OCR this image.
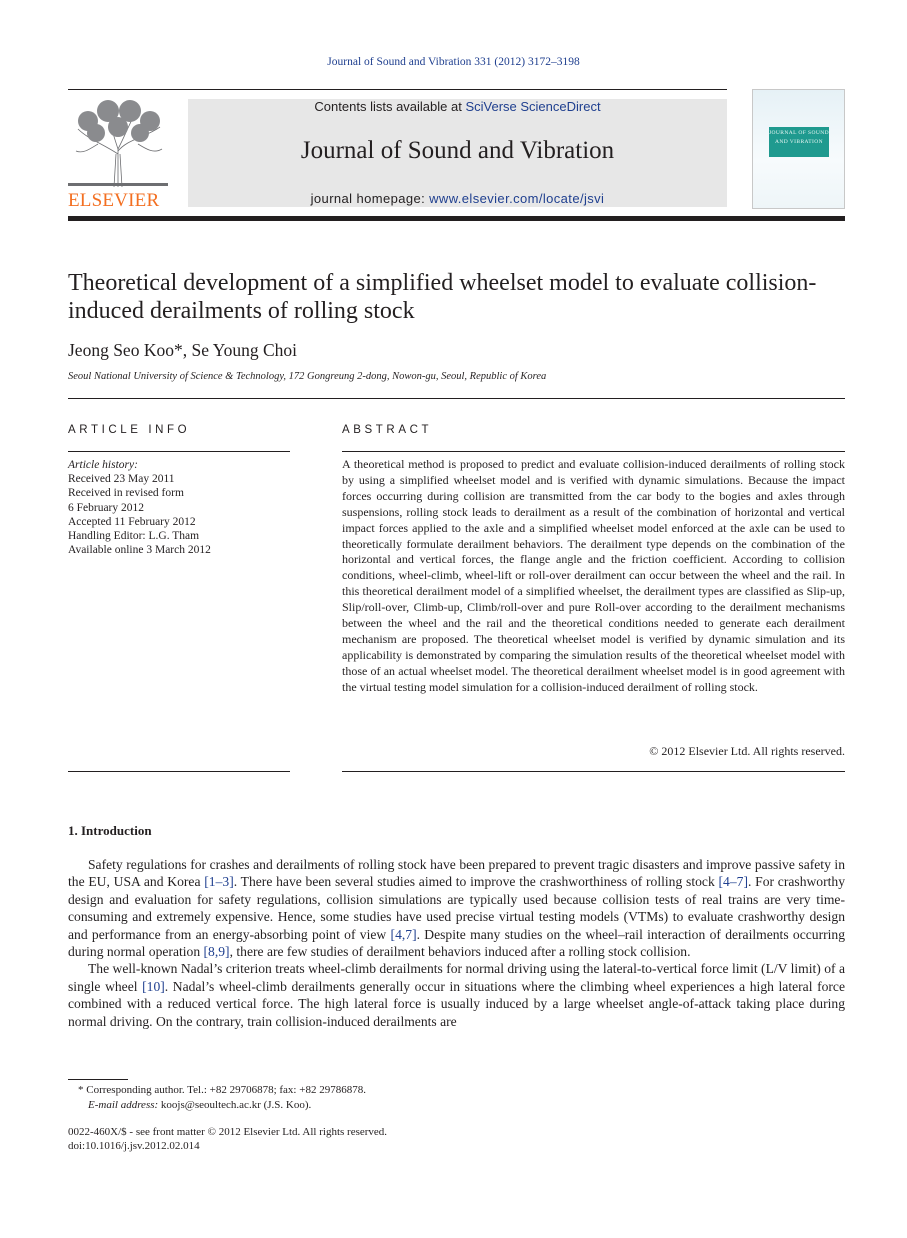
Journal of Sound and Vibration 331 (2012) 3172–3198
ELSEVIER
Contents lists available at SciVerse ScienceDirect
Journal of Sound and Vibration
journal homepage: www.elsevier.com/locate/jsvi
JOURNAL OF SOUND AND VIBRATION
Theoretical development of a simplified wheelset model to evaluate collision-induced derailments of rolling stock
Jeong Seo Koo*, Se Young Choi
Seoul National University of Science & Technology, 172 Gongreung 2-dong, Nowon-gu, Seoul, Republic of Korea
ARTICLE INFO	ABSTRACT
Article history:
Received 23 May 2011
Received in revised form
6 February 2012
Accepted 11 February 2012
Handling Editor: L.G. Tham
Available online 3 March 2012
A theoretical method is proposed to predict and evaluate collision-induced derailments of rolling stock by using a simplified wheelset model and is verified with dynamic simulations. Because the impact forces occurring during collision are transmitted from the car body to the bogies and axles through suspensions, rolling stock leads to derailment as a result of the combination of horizontal and vertical impact forces applied to the axle and a simplified wheelset model enforced at the axle can be used to theoretically formulate derailment behaviors. The derailment type depends on the combination of the horizontal and vertical forces, the flange angle and the friction coefficient. According to collision conditions, wheel-climb, wheel-lift or roll-over derailment can occur between the wheel and the rail. In this theoretical derailment model of a simplified wheelset, the derailment types are classified as Slip-up, Slip/roll-over, Climb-up, Climb/roll-over and pure Roll-over according to the derailment mechanisms between the wheel and the rail and the theoretical conditions needed to generate each derailment mechanism are proposed. The theoretical wheelset model is verified by dynamic simulation and its applicability is demonstrated by comparing the simulation results of the theoretical wheelset model with those of an actual wheelset model. The theoretical derailment wheelset model is in good agreement with the virtual testing model simulation for a collision-induced derailment of rolling stock.
© 2012 Elsevier Ltd. All rights reserved.
1. Introduction

Safety regulations for crashes and derailments of rolling stock have been prepared to prevent tragic disasters and improve passive safety in the EU, USA and Korea [1–3]. There have been several studies aimed to improve the crashworthiness of rolling stock [4–7]. For crashworthy design and evaluation for safety regulations, collision simulations are typically used because collision tests of real trains are very time-consuming and extremely expensive. Hence, some studies have used precise virtual testing models (VTMs) to evaluate crashworthy design and performance from an energy-absorbing point of view [4,7]. Despite many studies on the wheel–rail interaction of derailments occurring during normal operation [8,9], there are few studies of derailment behaviors induced after a rolling stock collision.

The well-known Nadal’s criterion treats wheel-climb derailments for normal driving using the lateral-to-vertical force limit (L/V limit) of a single wheel [10]. Nadal’s wheel-climb derailments generally occur in situations where the climbing wheel experiences a high lateral force combined with a reduced vertical force. The high lateral force is usually induced by a large wheelset angle-of-attack taking place during normal driving. On the contrary, train collision-induced derailments are

* Corresponding author. Tel.: +82 29706878; fax: +82 29786878.
E-mail address: koojs@seoultech.ac.kr (J.S. Koo).
0022-460X/$ - see front matter © 2012 Elsevier Ltd. All rights reserved.
doi:10.1016/j.jsv.2012.02.014
